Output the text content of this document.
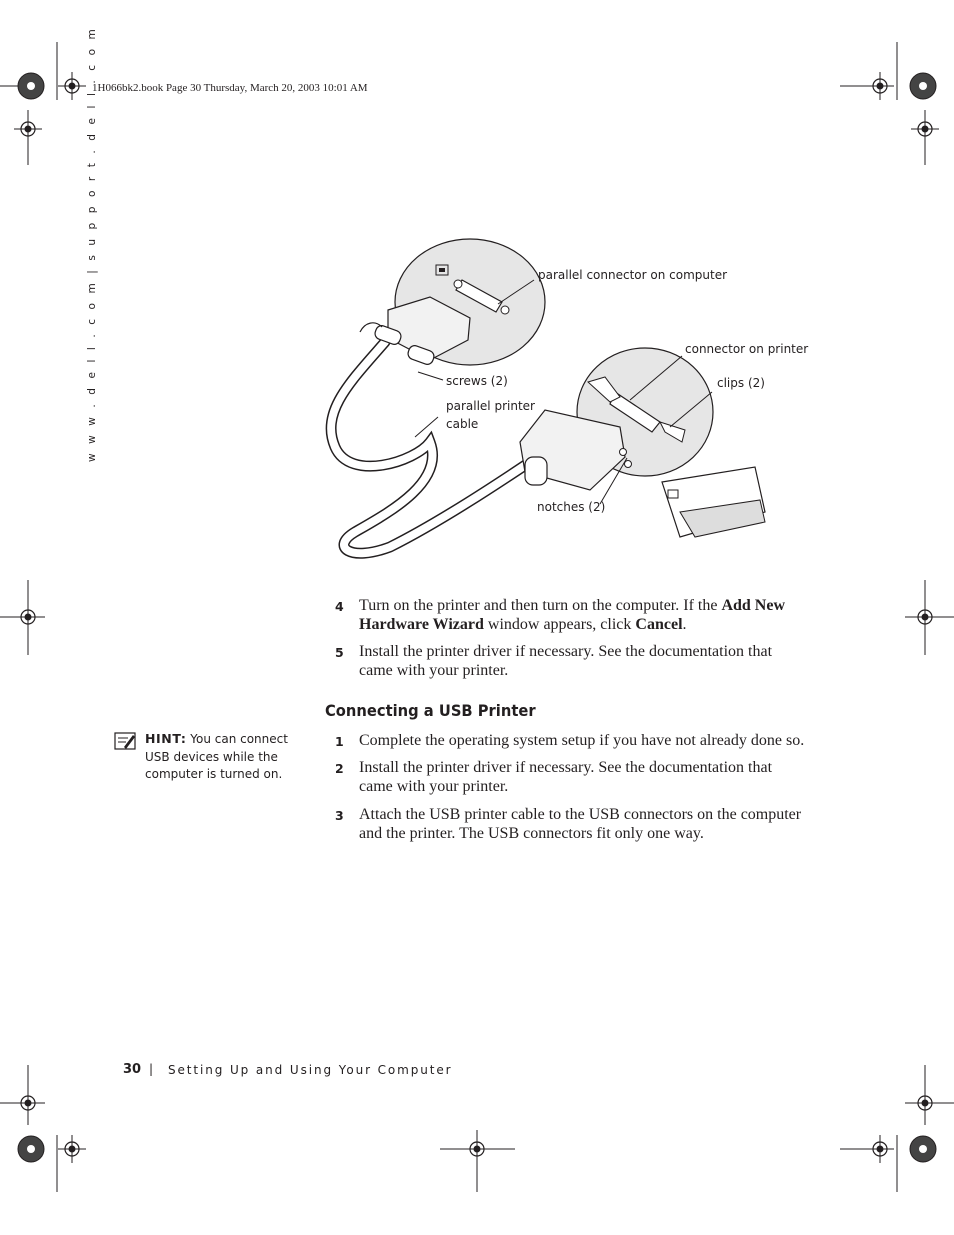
1H066bk2.book Page 30 Thursday, March 20, 2003 10:01 AM
w w w . d e l l . c o m | s u p p o r t . d e l l . c o m	parallel connector on computer
connector on printer
clips (2)
screws (2)
parallel printer
cable
notches (2)
4 Turn on the printer and then turn on the computer. If the Add New Hardware Wizard window appears, click Cancel.
5 Install the printer driver if necessary. See the documentation that came with your printer.
Connecting a USB Printer
1 Complete the operating system setup if you have not already done so.
2 Install the printer driver if necessary. See the documentation that came with your printer.
3 Attach the USB printer cable to the USB connectors on the computer and the printer. The USB connectors fit only one way.
HINT: You can connect USB devices while the computer is turned on.
30 | Setting Up and Using Your Computer
